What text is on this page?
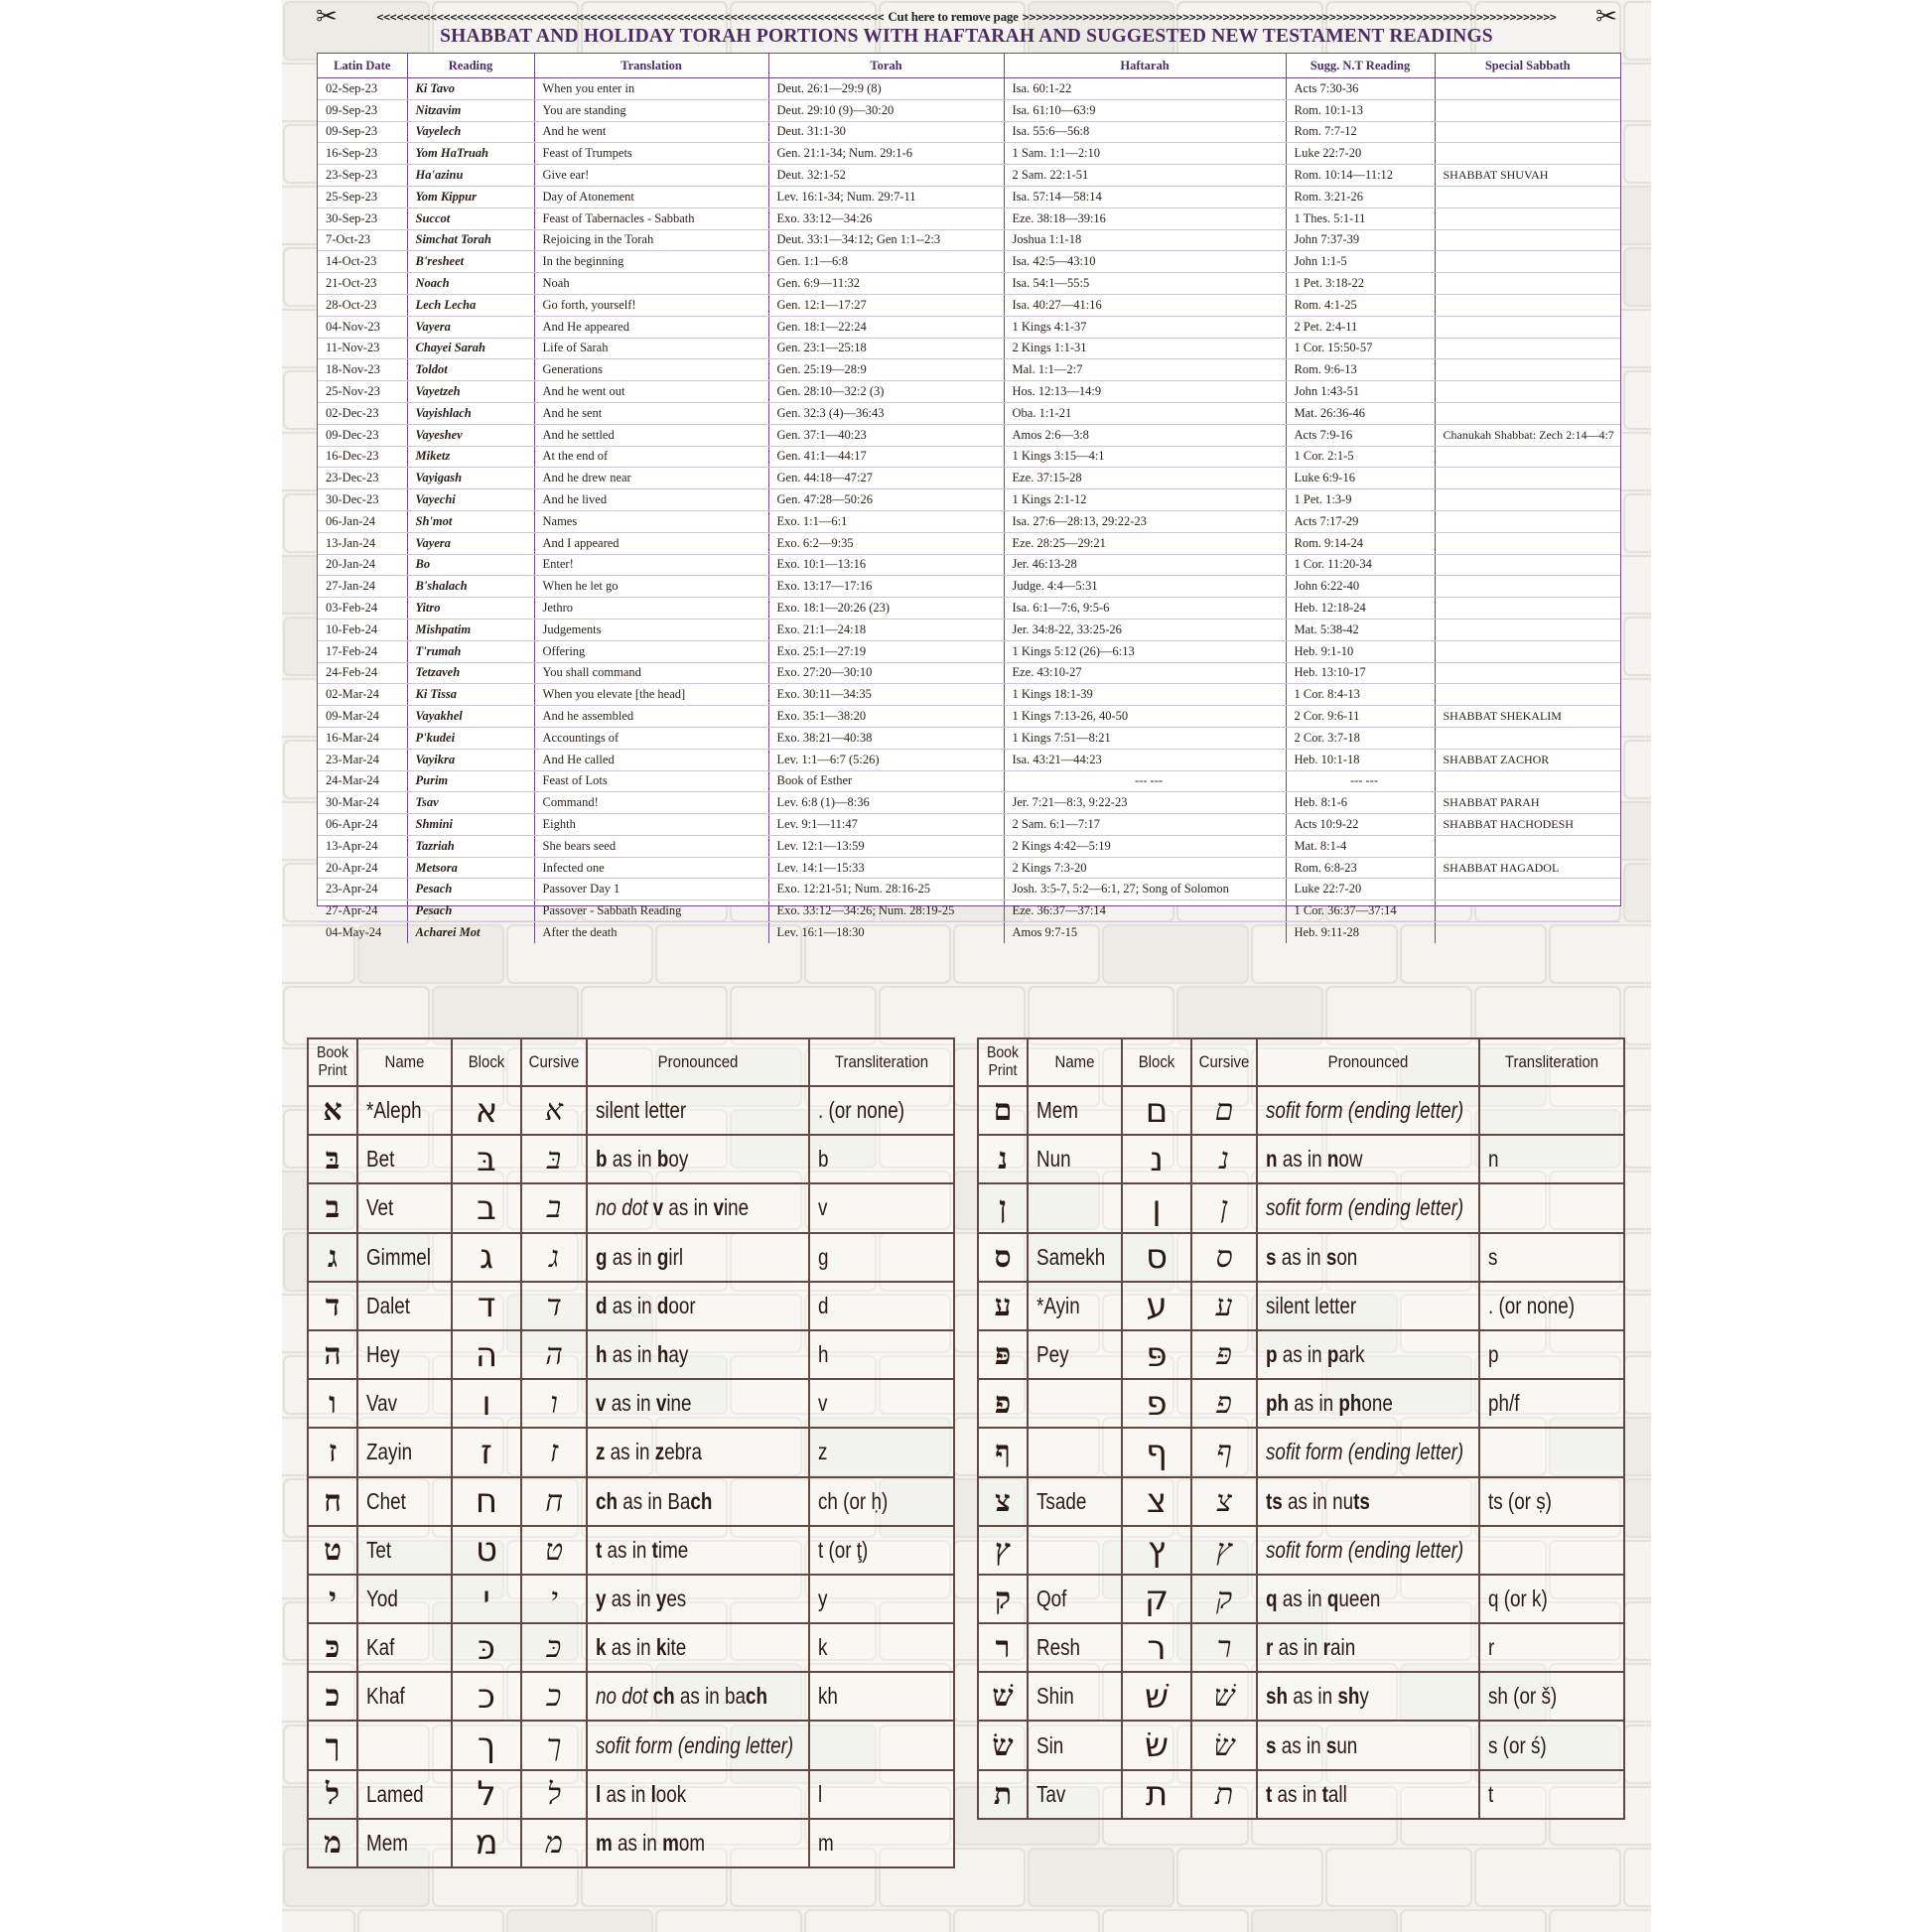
✂	<<<<<<<<<<<<<<<<<<<<<<<<<<<<<<<<<<<<<<<<<<<<<<<<<<<<<<<<<<<<<<<<<<<<<<<<<<<< Cut here to remove page >>>>>>>>>>>>>>>>>>>>>>>>>>>>>>>>>>>>>>>>>>>>>>>>>>>>>>>>>>>>>>>>>>>>>>>>>>>>>>>>	✂
SHABBAT AND HOLIDAY TORAH PORTIONS WITH HAFTARAH AND SUGGESTED NEW TESTAMENT READINGS
Latin Date	Reading	Translation	Torah	Haftarah	Sugg. N.T Reading	Special Sabbath
02-Sep-23	Ki Tavo	When you enter in	Deut. 26:1—29:9 (8)	Isa. 60:1-22	Acts 7:30-36	
09-Sep-23	Nitzavim	You are standing	Deut. 29:10 (9)—30:20	Isa. 61:10—63:9	Rom. 10:1-13	
09-Sep-23	Vayelech	And he went	Deut. 31:1-30	Isa. 55:6—56:8	Rom. 7:7-12	
16-Sep-23	Yom HaTruah	Feast of Trumpets	Gen. 21:1-34; Num. 29:1-6	1 Sam. 1:1—2:10	Luke 22:7-20	
23-Sep-23	Ha'azinu	Give ear!	Deut. 32:1-52	2 Sam. 22:1-51	Rom. 10:14—11:12	SHABBAT SHUVAH
25-Sep-23	Yom Kippur	Day of Atonement	Lev. 16:1-34; Num. 29:7-11	Isa. 57:14—58:14	Rom. 3:21-26	
30-Sep-23	Succot	Feast of Tabernacles - Sabbath	Exo. 33:12—34:26	Eze. 38:18—39:16	1 Thes. 5:1-11	
7-Oct-23	Simchat Torah	Rejoicing in the Torah	Deut. 33:1—34:12; Gen 1:1--2:3	Joshua 1:1-18	John 7:37-39	
14-Oct-23	B'resheet	In the beginning	Gen. 1:1—6:8	Isa. 42:5—43:10	John 1:1-5	
21-Oct-23	Noach	Noah	Gen. 6:9—11:32	Isa. 54:1—55:5	1 Pet. 3:18-22	
28-Oct-23	Lech Lecha	Go forth, yourself!	Gen. 12:1—17:27	Isa. 40:27—41:16	Rom. 4:1-25	
04-Nov-23	Vayera	And He appeared	Gen. 18:1—22:24	1 Kings 4:1-37	2 Pet. 2:4-11	
11-Nov-23	Chayei Sarah	Life of Sarah	Gen. 23:1—25:18	2 Kings 1:1-31	1 Cor. 15:50-57	
18-Nov-23	Toldot	Generations	Gen. 25:19—28:9	Mal. 1:1—2:7	Rom. 9:6-13	
25-Nov-23	Vayetzeh	And he went out	Gen. 28:10—32:2 (3)	Hos. 12:13—14:9	John 1:43-51	
02-Dec-23	Vayishlach	And he sent	Gen. 32:3 (4)—36:43	Oba. 1:1-21	Mat. 26:36-46	
09-Dec-23	Vayeshev	And he settled	Gen. 37:1—40:23	Amos 2:6—3:8	Acts 7:9-16	Chanukah Shabbat: Zech 2:14—4:7
16-Dec-23	Miketz	At the end of	Gen. 41:1—44:17	1 Kings 3:15—4:1	1 Cor. 2:1-5	
23-Dec-23	Vayigash	And he drew near	Gen. 44:18—47:27	Eze. 37:15-28	Luke 6:9-16	
30-Dec-23	Vayechi	And he lived	Gen. 47:28—50:26	1 Kings 2:1-12	1 Pet. 1:3-9	
06-Jan-24	Sh'mot	Names	Exo. 1:1—6:1	Isa. 27:6—28:13, 29:22-23	Acts 7:17-29	
13-Jan-24	Vayera	And I appeared	Exo. 6:2—9:35	Eze. 28:25—29:21	Rom. 9:14-24	
20-Jan-24	Bo	Enter!	Exo. 10:1—13:16	Jer. 46:13-28	1 Cor. 11:20-34	
27-Jan-24	B'shalach	When he let go	Exo. 13:17—17:16	Judge. 4:4—5:31	John 6:22-40	
03-Feb-24	Yitro	Jethro	Exo. 18:1—20:26 (23)	Isa. 6:1—7:6, 9:5-6	Heb. 12:18-24	
10-Feb-24	Mishpatim	Judgements	Exo. 21:1—24:18	Jer. 34:8-22, 33:25-26	Mat. 5:38-42	
17-Feb-24	T'rumah	Offering	Exo. 25:1—27:19	1 Kings 5:12 (26)—6:13	Heb. 9:1-10	
24-Feb-24	Tetzaveh	You shall command	Exo. 27:20—30:10	Eze. 43:10-27	Heb. 13:10-17	
02-Mar-24	Ki Tissa	When you elevate [the head]	Exo. 30:11—34:35	1 Kings 18:1-39	1 Cor. 8:4-13	
09-Mar-24	Vayakhel	And he assembled	Exo. 35:1—38:20	1 Kings 7:13-26, 40-50	2 Cor. 9:6-11	SHABBAT SHEKALIM
16-Mar-24	P'kudei	Accountings of	Exo. 38:21—40:38	1 Kings 7:51—8:21	2 Cor. 3:7-18	
23-Mar-24	Vayikra	And He called	Lev. 1:1—6:7 (5:26)	Isa. 43:21—44:23	Heb. 10:1-18	SHABBAT ZACHOR
24-Mar-24	Purim	Feast of Lots	Book of Esther	--- ---	--- ---	
30-Mar-24	Tsav	Command!	Lev. 6:8 (1)—8:36	Jer. 7:21—8:3, 9:22-23	Heb. 8:1-6	SHABBAT PARAH
06-Apr-24	Shmini	Eighth	Lev. 9:1—11:47	2 Sam. 6:1—7:17	Acts 10:9-22	SHABBAT HACHODESH
13-Apr-24	Tazriah	She bears seed	Lev. 12:1—13:59	2 Kings 4:42—5:19	Mat. 8:1-4	
20-Apr-24	Metsora	Infected one	Lev. 14:1—15:33	2 Kings 7:3-20	Rom. 6:8-23	SHABBAT HAGADOL
23-Apr-24	Pesach	Passover Day 1	Exo. 12:21-51; Num. 28:16-25	Josh. 3:5-7, 5:2—6:1, 27; Song of Solomon	Luke 22:7-20	
27-Apr-24	Pesach	Passover - Sabbath Reading	Exo. 33:12—34:26; Num. 28:19-25	Eze. 36:37—37:14	1 Cor. 36:37—37:14	
04-May-24	Acharei Mot	After the death	Lev. 16:1—18:30	Amos 9:7-15	Heb. 9:11-28	
Book
Print	Name	Block	Cursive	Pronounced	Transliteration
א	*Aleph	א	א	silent letter	. (or none)
בּ	Bet	בּ	בּ	b as in boy	b
ב	Vet	ב	ב	no dot v as in vine	v
ג	Gimmel	ג	ג	g as in girl	g
ד	Dalet	ד	ד	d as in door	d
ה	Hey	ה	ה	h as in hay	h
ו	Vav	ו	ו	v as in vine	v
ז	Zayin	ז	ז	z as in zebra	z
ח	Chet	ח	ח	ch as in Bach	ch (or ḥ)
ט	Tet	ט	ט	t as in time	t (or ţ)
י	Yod	י	י	y as in yes	y
כּ	Kaf	כּ	כּ	k as in kite	k
כ	Khaf	כ	כ	no dot ch as in bach	kh
ך		ך	ך	sofit form (ending letter)	
ל	Lamed	ל	ל	l as in look	l
מ	Mem	מ	מ	m as in mom	m
Book
Print	Name	Block	Cursive	Pronounced	Transliteration
ם	Mem	ם	ם	sofit form (ending letter)	
נ	Nun	נ	נ	n as in now	n
ן		ן	ן	sofit form (ending letter)	
ס	Samekh	ס	ס	s as in son	s
ע	*Ayin	ע	ע	silent letter	. (or none)
פּ	Pey	פּ	פּ	p as in park	p
פ		פ	פ	ph as in phone	ph/f
ף		ף	ף	sofit form (ending letter)	
צ	Tsade	צ	צ	ts as in nuts	ts (or ṣ)
ץ		ץ	ץ	sofit form (ending letter)	
ק	Qof	ק	ק	q as in queen	q (or k)
ר	Resh	ר	ר	r as in rain	r
שׁ	Shin	שׁ	שׁ	sh as in shy	sh (or š)
שׂ	Sin	שׂ	שׂ	s as in sun	s (or ś)
ת	Tav	ת	ת	t as in tall	t
